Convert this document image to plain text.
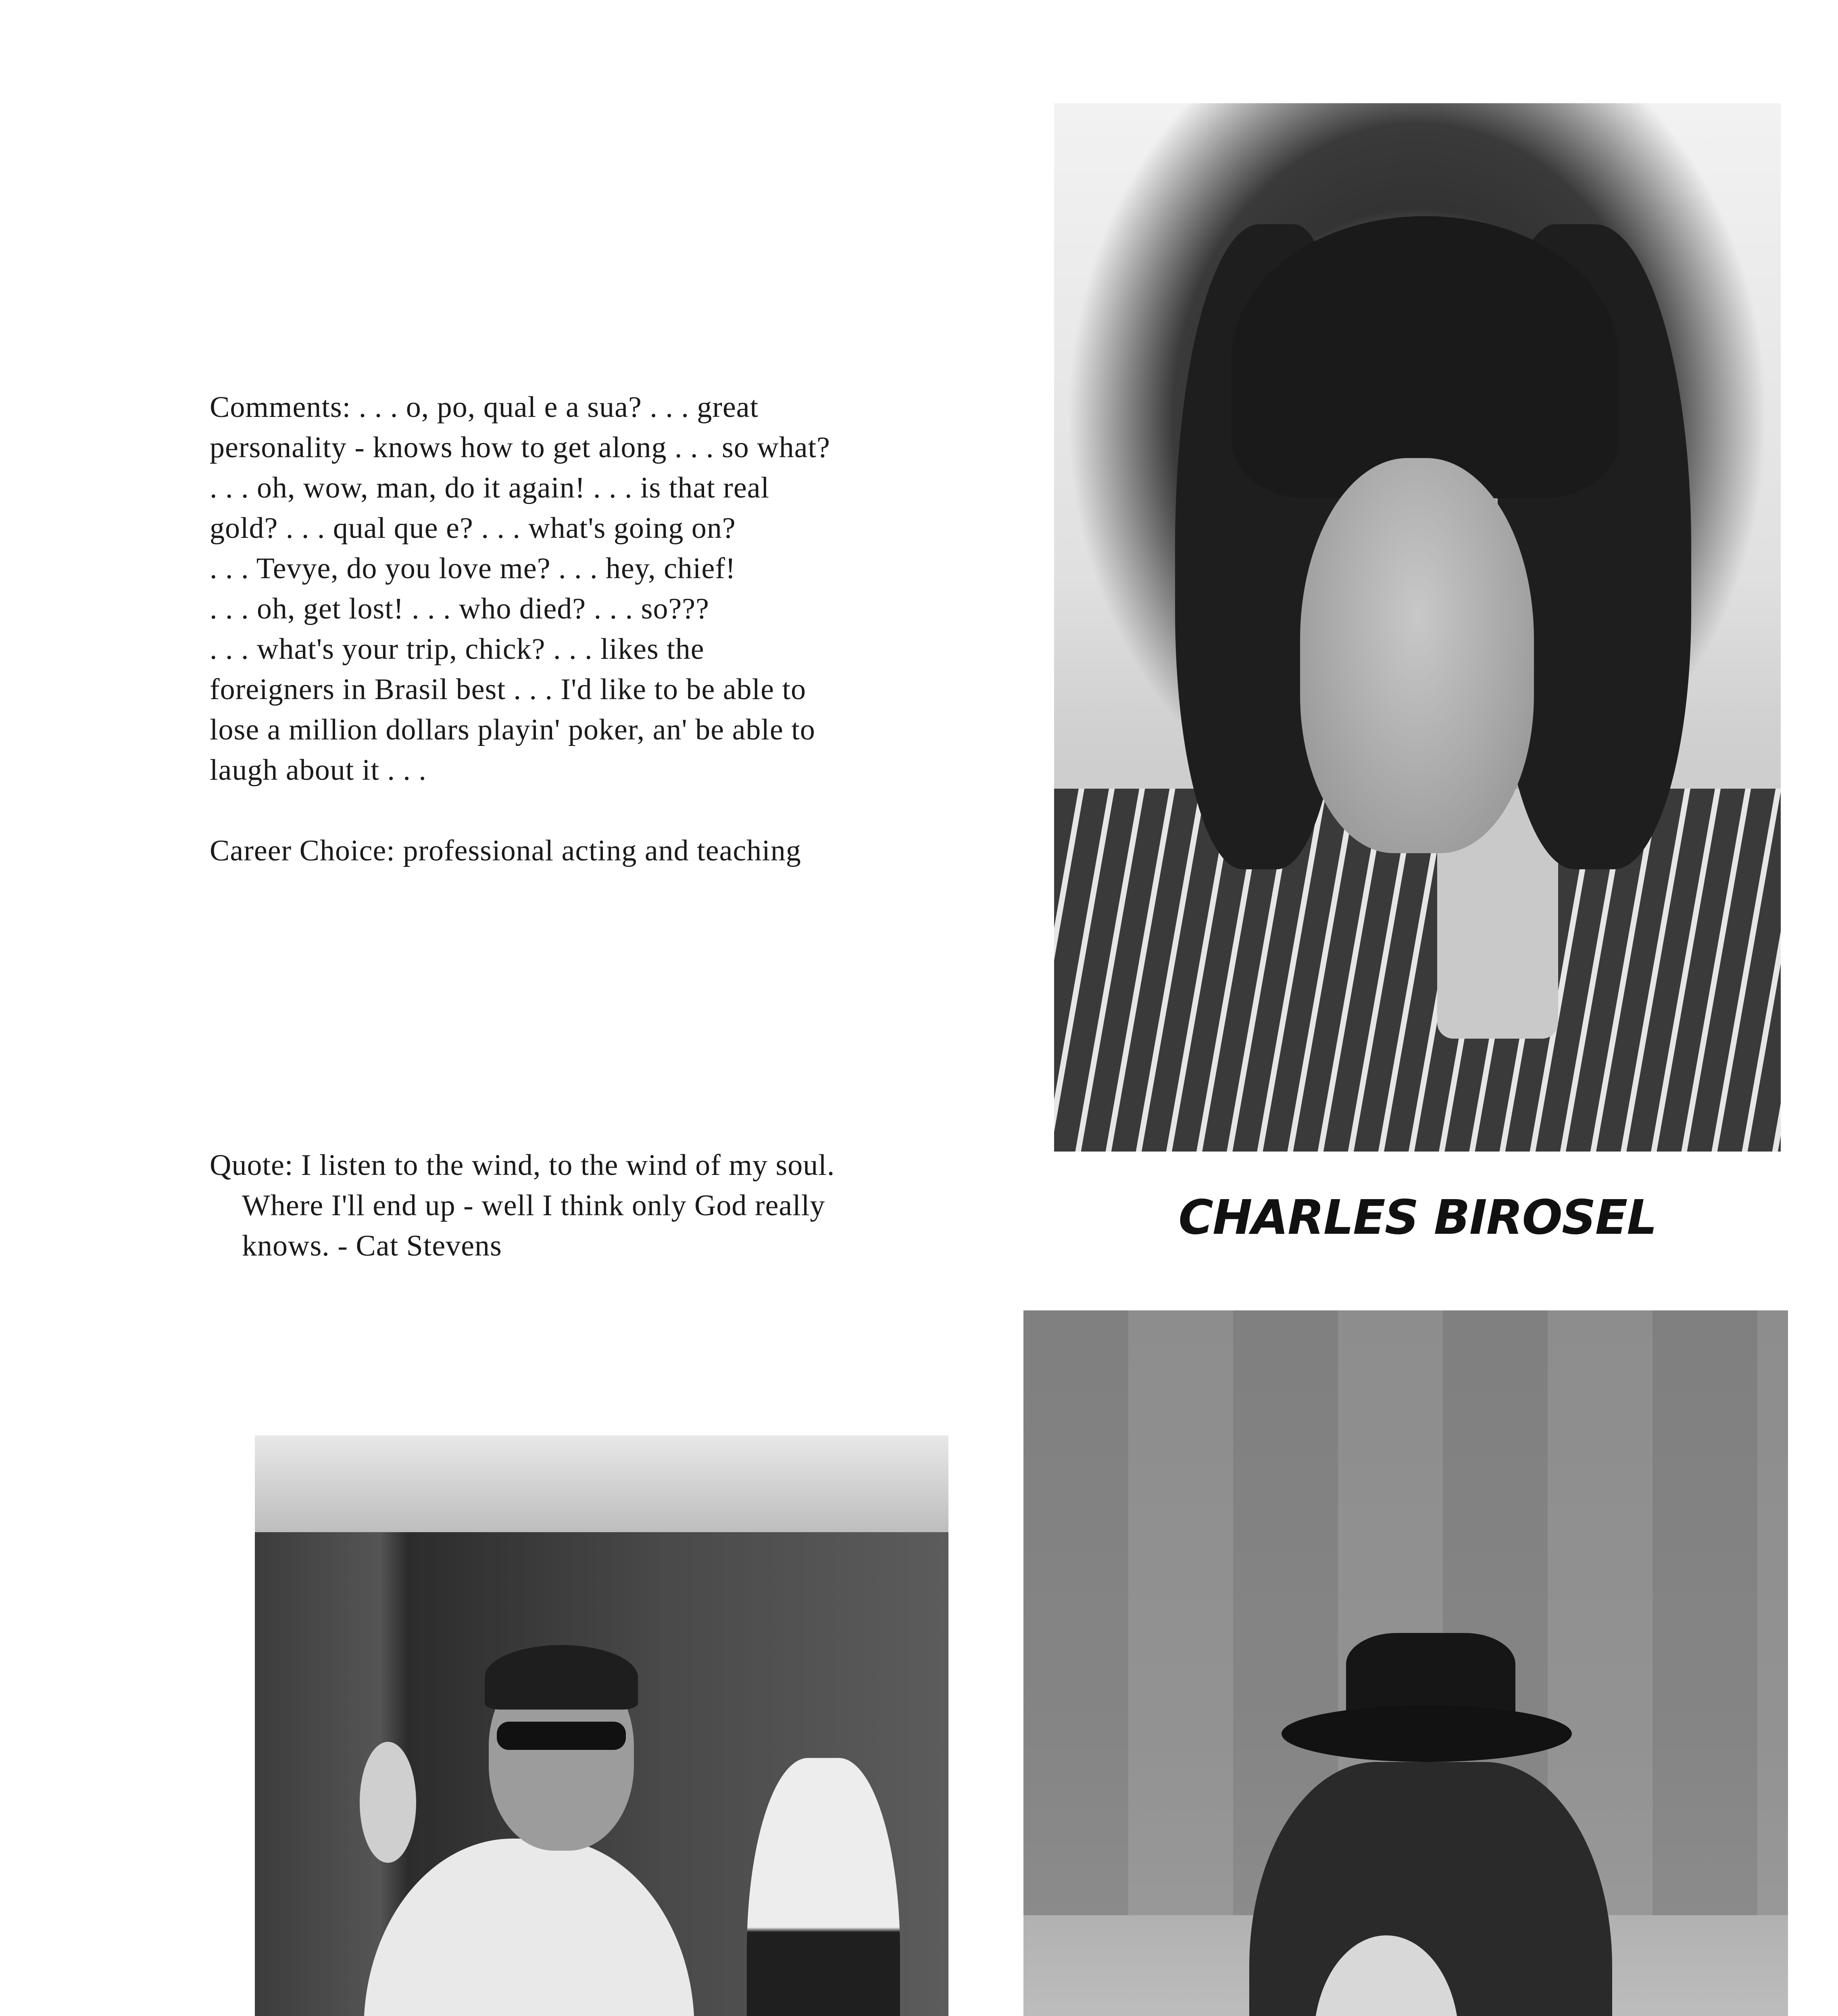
Comments: . . . o, po, qual e a sua? . . . great
personality - knows how to get along . . . so what?
. . . oh, wow, man, do it again! . . . is that real
gold? . . . qual que e? . . . what's going on?
. . . Tevye, do you love me? . . . hey, chief!
. . . oh, get lost! . . . who died? . . . so???
. . . what's your trip, chick? . . . likes the
foreigners in Brasil best . . . I'd like to be able to
lose a million dollars playin' poker, an' be able to
laugh about it . . .
Career Choice: professional acting and teaching
Quote: I listen to the wind, to the wind of my soul.
Where I'll end up - well I think only God really
knows. - Cat Stevens
CHARLES BIROSEL
